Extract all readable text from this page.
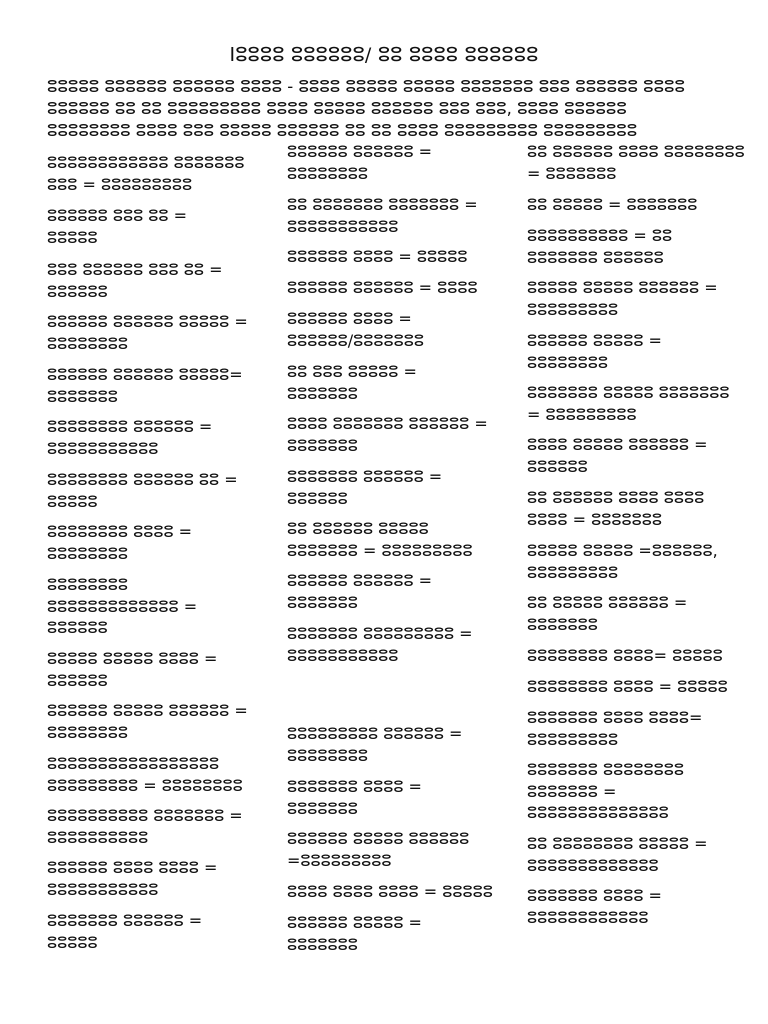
ⵏⵓⵓⵓⵓ ⵓⵓⵓⵓⵓⵓ/ ⵓⵓ ⵓⵓⵓⵓ ⵓⵓⵓⵓⵓⵓ
ⵓⵓⵓⵓⵓ ⵓⵓⵓⵓⵓⵓ ⵓⵓⵓⵓⵓⵓ ⵓⵓⵓⵓ - ⵓⵓⵓⵓ ⵓⵓⵓⵓⵓ ⵓⵓⵓⵓⵓ ⵓⵓⵓⵓⵓⵓⵓ ⵓⵓⵓ ⵓⵓⵓⵓⵓⵓ ⵓⵓⵓⵓ
ⵓⵓⵓⵓⵓⵓ ⵓⵓ ⵓⵓ ⵓⵓⵓⵓⵓⵓⵓⵓⵓ ⵓⵓⵓⵓ ⵓⵓⵓⵓⵓ ⵓⵓⵓⵓⵓⵓ ⵓⵓⵓ ⵓⵓⵓ, ⵓⵓⵓⵓ ⵓⵓⵓⵓⵓⵓ
ⵓⵓⵓⵓⵓⵓⵓⵓ ⵓⵓⵓⵓ ⵓⵓⵓ ⵓⵓⵓⵓⵓ ⵓⵓⵓⵓⵓⵓ ⵓⵓ ⵓⵓ ⵓⵓⵓⵓ ⵓⵓⵓⵓⵓⵓⵓⵓⵓ ⵓⵓⵓⵓⵓⵓⵓⵓⵓ
ⵓⵓⵓⵓⵓⵓⵓⵓⵓⵓⵓⵓ ⵓⵓⵓⵓⵓⵓⵓ
ⵓⵓⵓ = ⵓⵓⵓⵓⵓⵓⵓⵓⵓ
ⵓⵓⵓⵓⵓⵓ ⵓⵓⵓ ⵓⵓ =
ⵓⵓⵓⵓⵓ
ⵓⵓⵓ ⵓⵓⵓⵓⵓⵓ ⵓⵓⵓ ⵓⵓ =
ⵓⵓⵓⵓⵓⵓ
ⵓⵓⵓⵓⵓⵓ ⵓⵓⵓⵓⵓⵓ ⵓⵓⵓⵓⵓ =
ⵓⵓⵓⵓⵓⵓⵓⵓ
ⵓⵓⵓⵓⵓⵓ ⵓⵓⵓⵓⵓⵓ ⵓⵓⵓⵓⵓ=
ⵓⵓⵓⵓⵓⵓⵓ
ⵓⵓⵓⵓⵓⵓⵓⵓ ⵓⵓⵓⵓⵓⵓ =
ⵓⵓⵓⵓⵓⵓⵓⵓⵓⵓⵓ
ⵓⵓⵓⵓⵓⵓⵓⵓ ⵓⵓⵓⵓⵓⵓ ⵓⵓ =
ⵓⵓⵓⵓⵓ
ⵓⵓⵓⵓⵓⵓⵓⵓ ⵓⵓⵓⵓ =
ⵓⵓⵓⵓⵓⵓⵓⵓ
ⵓⵓⵓⵓⵓⵓⵓⵓ
ⵓⵓⵓⵓⵓⵓⵓⵓⵓⵓⵓⵓⵓ =
ⵓⵓⵓⵓⵓⵓ
ⵓⵓⵓⵓⵓ ⵓⵓⵓⵓⵓ ⵓⵓⵓⵓ =
ⵓⵓⵓⵓⵓⵓ
ⵓⵓⵓⵓⵓⵓ ⵓⵓⵓⵓⵓ ⵓⵓⵓⵓⵓⵓ =
ⵓⵓⵓⵓⵓⵓⵓⵓ
ⵓⵓⵓⵓⵓⵓⵓⵓⵓⵓⵓⵓⵓⵓⵓⵓⵓ
ⵓⵓⵓⵓⵓⵓⵓⵓⵓ = ⵓⵓⵓⵓⵓⵓⵓⵓ
ⵓⵓⵓⵓⵓⵓⵓⵓⵓⵓ ⵓⵓⵓⵓⵓⵓⵓ =
ⵓⵓⵓⵓⵓⵓⵓⵓⵓⵓ
ⵓⵓⵓⵓⵓⵓ ⵓⵓⵓⵓ ⵓⵓⵓⵓ =
ⵓⵓⵓⵓⵓⵓⵓⵓⵓⵓⵓ
ⵓⵓⵓⵓⵓⵓⵓ ⵓⵓⵓⵓⵓⵓ =
ⵓⵓⵓⵓⵓ
ⵓⵓⵓⵓⵓⵓ ⵓⵓⵓⵓⵓⵓ =
ⵓⵓⵓⵓⵓⵓⵓⵓ
ⵓⵓ ⵓⵓⵓⵓⵓⵓⵓ ⵓⵓⵓⵓⵓⵓⵓ =
ⵓⵓⵓⵓⵓⵓⵓⵓⵓⵓⵓ
ⵓⵓⵓⵓⵓⵓ ⵓⵓⵓⵓ = ⵓⵓⵓⵓⵓ
ⵓⵓⵓⵓⵓⵓ ⵓⵓⵓⵓⵓⵓ = ⵓⵓⵓⵓ
ⵓⵓⵓⵓⵓⵓ ⵓⵓⵓⵓ =
ⵓⵓⵓⵓⵓⵓ/ⵓⵓⵓⵓⵓⵓⵓ
ⵓⵓ ⵓⵓⵓ ⵓⵓⵓⵓⵓ =
ⵓⵓⵓⵓⵓⵓⵓ
ⵓⵓⵓⵓ ⵓⵓⵓⵓⵓⵓⵓ ⵓⵓⵓⵓⵓⵓ =
ⵓⵓⵓⵓⵓⵓⵓ
ⵓⵓⵓⵓⵓⵓⵓ ⵓⵓⵓⵓⵓⵓ =
ⵓⵓⵓⵓⵓⵓ
ⵓⵓ ⵓⵓⵓⵓⵓⵓ ⵓⵓⵓⵓⵓ
ⵓⵓⵓⵓⵓⵓⵓ = ⵓⵓⵓⵓⵓⵓⵓⵓⵓ
ⵓⵓⵓⵓⵓⵓ ⵓⵓⵓⵓⵓⵓ =
ⵓⵓⵓⵓⵓⵓⵓ
ⵓⵓⵓⵓⵓⵓⵓ ⵓⵓⵓⵓⵓⵓⵓⵓⵓ =
ⵓⵓⵓⵓⵓⵓⵓⵓⵓⵓⵓ
ⵓⵓⵓⵓⵓⵓⵓⵓⵓ ⵓⵓⵓⵓⵓⵓ =
ⵓⵓⵓⵓⵓⵓⵓⵓ
ⵓⵓⵓⵓⵓⵓⵓ ⵓⵓⵓⵓ =
ⵓⵓⵓⵓⵓⵓⵓ
ⵓⵓⵓⵓⵓⵓ ⵓⵓⵓⵓⵓ ⵓⵓⵓⵓⵓⵓ
=ⵓⵓⵓⵓⵓⵓⵓⵓⵓ
ⵓⵓⵓⵓ ⵓⵓⵓⵓ ⵓⵓⵓⵓ = ⵓⵓⵓⵓⵓ
ⵓⵓⵓⵓⵓⵓ ⵓⵓⵓⵓⵓ =
ⵓⵓⵓⵓⵓⵓⵓ
ⵓⵓ ⵓⵓⵓⵓⵓⵓ ⵓⵓⵓⵓ ⵓⵓⵓⵓⵓⵓⵓⵓ
= ⵓⵓⵓⵓⵓⵓⵓ
ⵓⵓ ⵓⵓⵓⵓⵓ = ⵓⵓⵓⵓⵓⵓⵓ
ⵓⵓⵓⵓⵓⵓⵓⵓⵓⵓ = ⵓⵓ
ⵓⵓⵓⵓⵓⵓⵓ ⵓⵓⵓⵓⵓⵓ
ⵓⵓⵓⵓⵓ ⵓⵓⵓⵓⵓ ⵓⵓⵓⵓⵓⵓ =
ⵓⵓⵓⵓⵓⵓⵓⵓⵓ
ⵓⵓⵓⵓⵓⵓ ⵓⵓⵓⵓⵓ =
ⵓⵓⵓⵓⵓⵓⵓⵓ
ⵓⵓⵓⵓⵓⵓⵓ ⵓⵓⵓⵓⵓ ⵓⵓⵓⵓⵓⵓⵓ
= ⵓⵓⵓⵓⵓⵓⵓⵓⵓ
ⵓⵓⵓⵓ ⵓⵓⵓⵓⵓ ⵓⵓⵓⵓⵓⵓ =
ⵓⵓⵓⵓⵓⵓ
ⵓⵓ ⵓⵓⵓⵓⵓⵓ ⵓⵓⵓⵓ ⵓⵓⵓⵓ
ⵓⵓⵓⵓ = ⵓⵓⵓⵓⵓⵓⵓ
ⵓⵓⵓⵓⵓ ⵓⵓⵓⵓⵓ =ⵓⵓⵓⵓⵓⵓ,
ⵓⵓⵓⵓⵓⵓⵓⵓⵓ
ⵓⵓ ⵓⵓⵓⵓⵓ ⵓⵓⵓⵓⵓⵓ =
ⵓⵓⵓⵓⵓⵓⵓ
ⵓⵓⵓⵓⵓⵓⵓⵓ ⵓⵓⵓⵓ= ⵓⵓⵓⵓⵓ
ⵓⵓⵓⵓⵓⵓⵓⵓ ⵓⵓⵓⵓ = ⵓⵓⵓⵓⵓ
ⵓⵓⵓⵓⵓⵓⵓ ⵓⵓⵓⵓ ⵓⵓⵓⵓ=
ⵓⵓⵓⵓⵓⵓⵓⵓⵓ
ⵓⵓⵓⵓⵓⵓⵓ ⵓⵓⵓⵓⵓⵓⵓⵓ
ⵓⵓⵓⵓⵓⵓⵓ =
ⵓⵓⵓⵓⵓⵓⵓⵓⵓⵓⵓⵓⵓⵓ
ⵓⵓ ⵓⵓⵓⵓⵓⵓⵓⵓ ⵓⵓⵓⵓⵓ =
ⵓⵓⵓⵓⵓⵓⵓⵓⵓⵓⵓⵓⵓ
ⵓⵓⵓⵓⵓⵓⵓ ⵓⵓⵓⵓ =
ⵓⵓⵓⵓⵓⵓⵓⵓⵓⵓⵓⵓ
